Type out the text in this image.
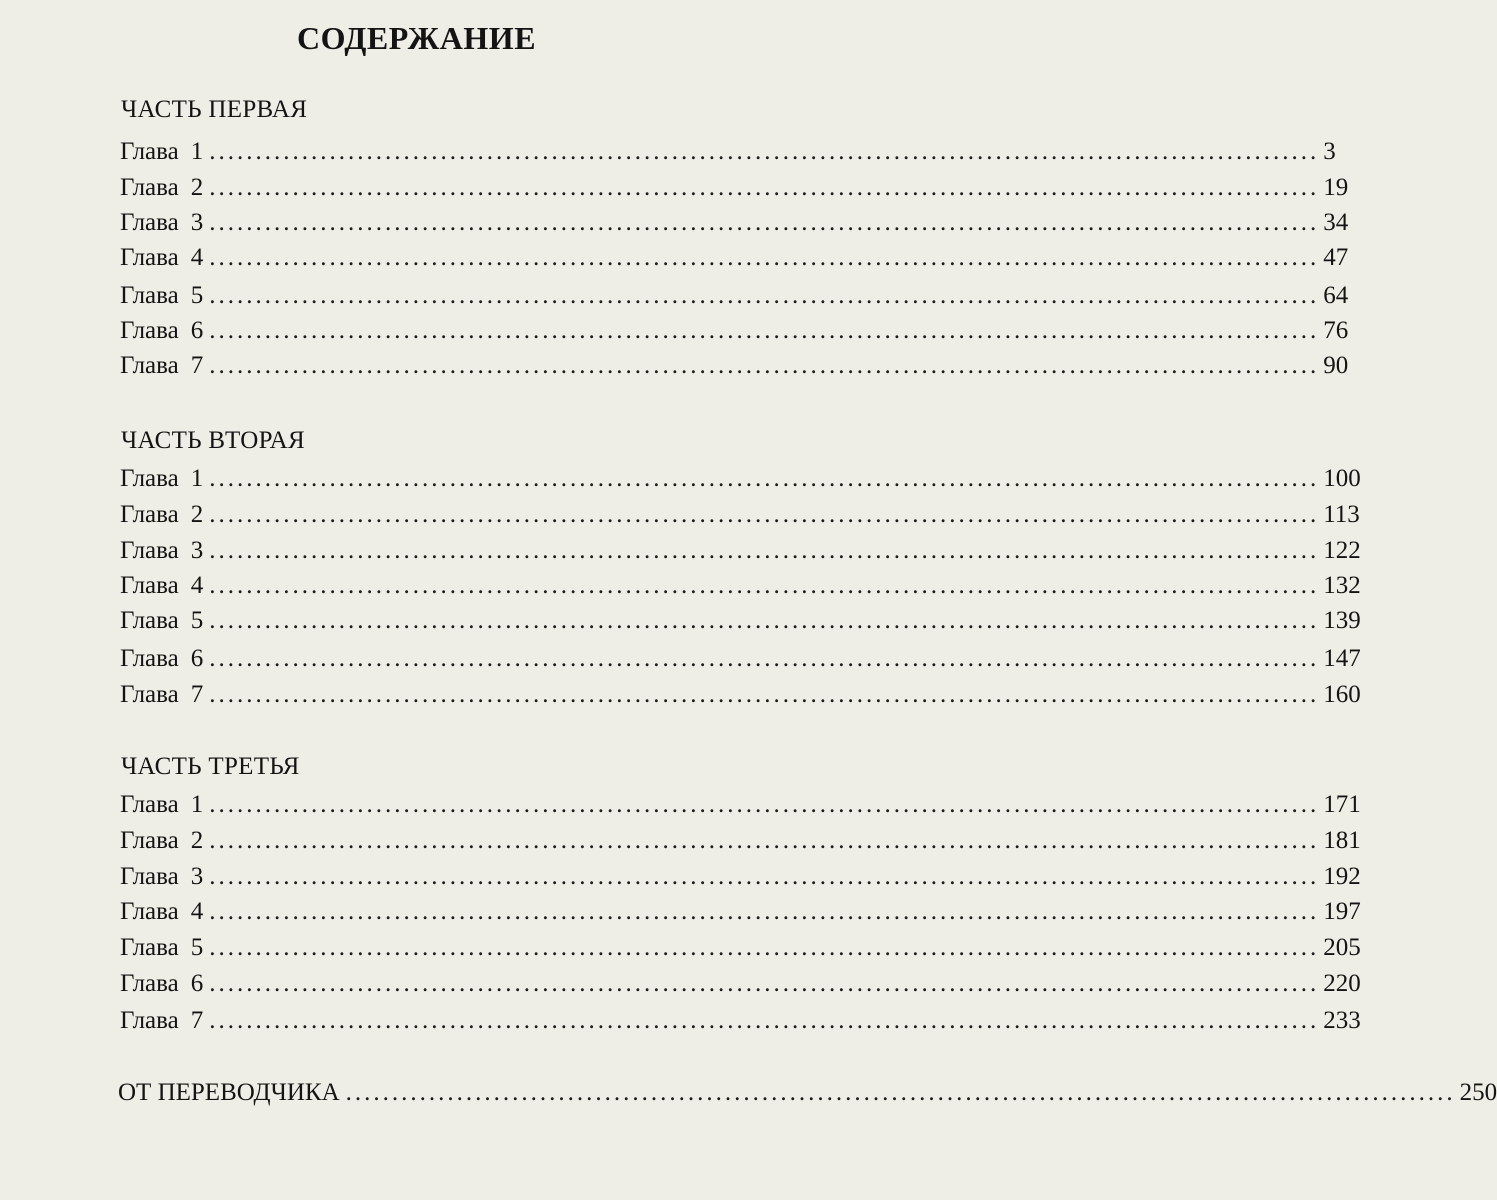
СОДЕРЖАНИЕ
ЧАСТЬ ПЕРВАЯ
Глава 1 ........................................................................................................................ 3
Глава 2 ........................................................................................................................ 19
Глава 3 ........................................................................................................................ 34
Глава 4 ........................................................................................................................ 47
Глава 5 ........................................................................................................................ 64
Глава 6 ........................................................................................................................ 76
Глава 7 ........................................................................................................................ 90
ЧАСТЬ ВТОРАЯ
Глава 1 ........................................................................................................................ 100
Глава 2 ........................................................................................................................ 113
Глава 3 ........................................................................................................................ 122
Глава 4 ........................................................................................................................ 132
Глава 5 ........................................................................................................................ 139
Глава 6 ........................................................................................................................ 147
Глава 7 ........................................................................................................................ 160
ЧАСТЬ ТРЕТЬЯ
Глава 1 ........................................................................................................................ 171
Глава 2 ........................................................................................................................ 181
Глава 3 ........................................................................................................................ 192
Глава 4 ........................................................................................................................ 197
Глава 5 ........................................................................................................................ 205
Глава 6 ........................................................................................................................ 220
Глава 7 ........................................................................................................................ 233
ОТ ПЕРЕВОДЧИКА ........................................................................................................................ 250
